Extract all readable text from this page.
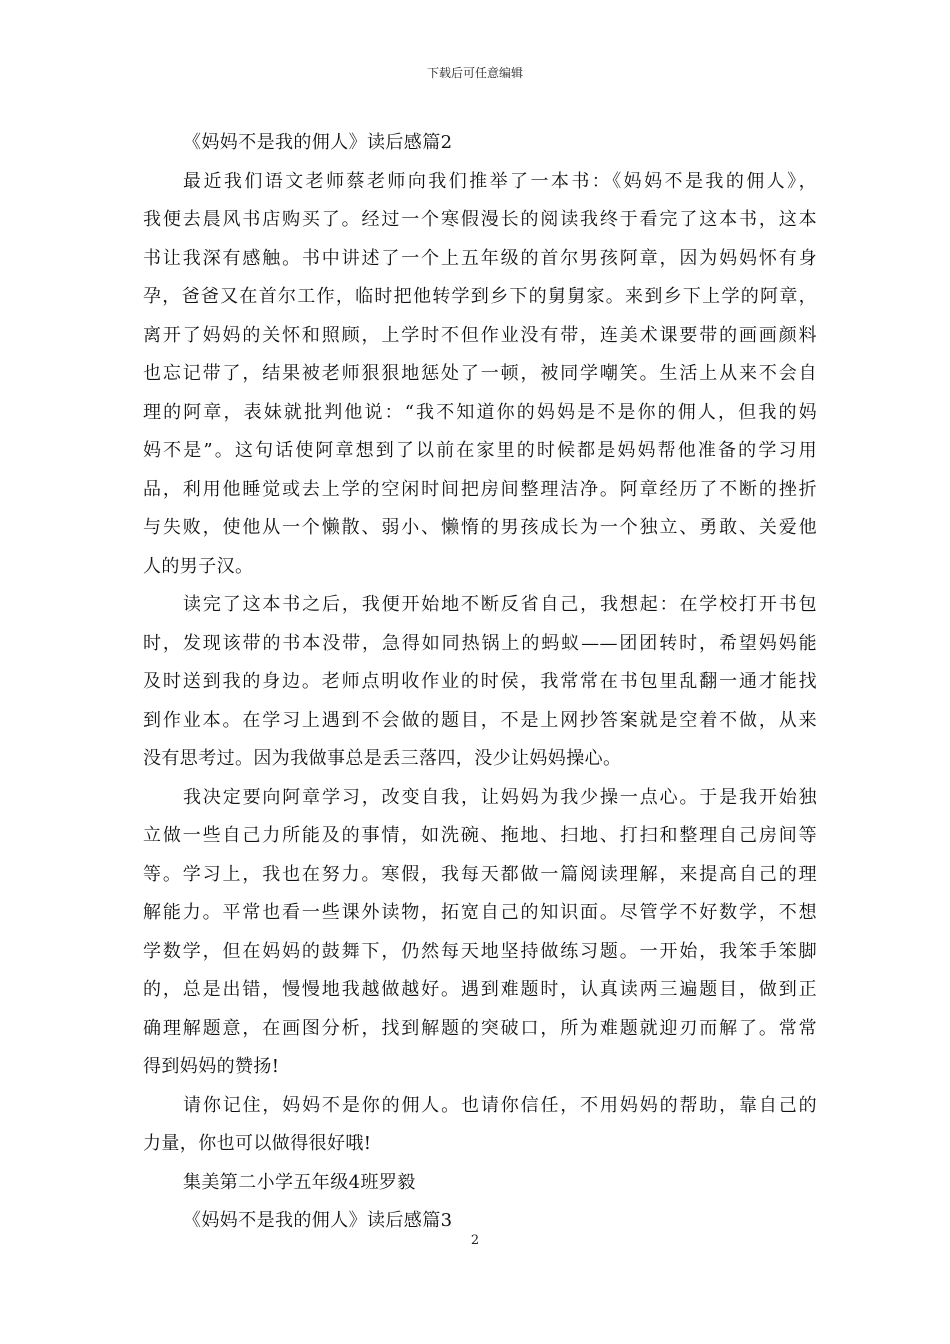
下载后可任意编辑
《妈妈不是我的佣人》读后感篇2
最近我们语文老师蔡老师向我们推举了一本书：《妈妈不是我的佣人》，
我便去晨风书店购买了。经过一个寒假漫长的阅读我终于看完了这本书，这本
书让我深有感触。书中讲述了一个上五年级的首尔男孩阿章，因为妈妈怀有身
孕，爸爸又在首尔工作，临时把他转学到乡下的舅舅家。来到乡下上学的阿章，
离开了妈妈的关怀和照顾，上学时不但作业没有带，连美术课要带的画画颜料
也忘记带了，结果被老师狠狠地惩处了一顿，被同学嘲笑。生活上从来不会自
理的阿章，表妹就批判他说：“我不知道你的妈妈是不是你的佣人，但我的妈
妈不是”。这句话使阿章想到了以前在家里的时候都是妈妈帮他准备的学习用
品，利用他睡觉或去上学的空闲时间把房间整理洁净。阿章经历了不断的挫折
与失败，使他从一个懒散、弱小、懒惰的男孩成长为一个独立、勇敢、关爱他
人的男子汉。
读完了这本书之后，我便开始地不断反省自己，我想起：在学校打开书包
时，发现该带的书本没带，急得如同热锅上的蚂蚁——团团转时，希望妈妈能
及时送到我的身边。老师点明收作业的时侯，我常常在书包里乱翻一通才能找
到作业本。在学习上遇到不会做的题目，不是上网抄答案就是空着不做，从来
没有思考过。因为我做事总是丢三落四，没少让妈妈操心。
我决定要向阿章学习，改变自我，让妈妈为我少操一点心。于是我开始独
立做一些自己力所能及的事情，如洗碗、拖地、扫地、打扫和整理自己房间等
等。学习上，我也在努力。寒假，我每天都做一篇阅读理解，来提高自己的理
解能力。平常也看一些课外读物，拓宽自己的知识面。尽管学不好数学，不想
学数学，但在妈妈的鼓舞下，仍然每天地坚持做练习题。一开始，我笨手笨脚
的，总是出错，慢慢地我越做越好。遇到难题时，认真读两三遍题目，做到正
确理解题意，在画图分析，找到解题的突破口，所为难题就迎刃而解了。常常
得到妈妈的赞扬!
请你记住，妈妈不是你的佣人。也请你信任，不用妈妈的帮助，靠自己的
力量，你也可以做得很好哦!
集美第二小学五年级4班罗毅
《妈妈不是我的佣人》读后感篇3
2
